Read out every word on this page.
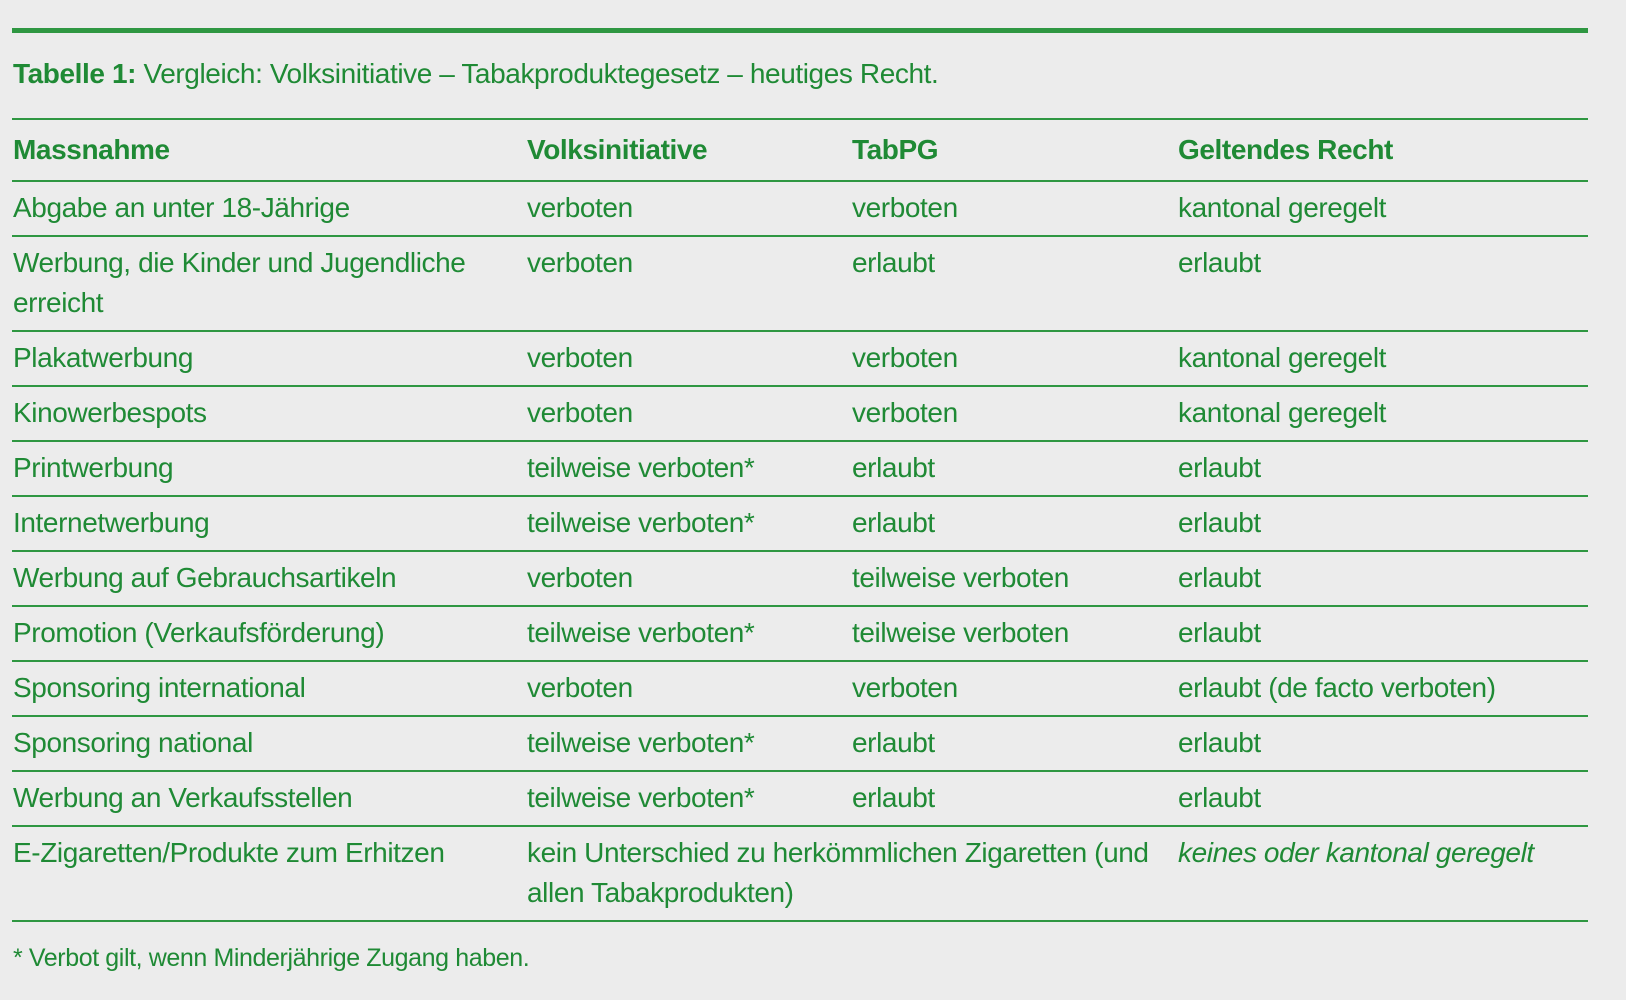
Tabelle 1: Vergleich: Volksinitiative – Tabakproduktegesetz – heutiges Recht.
Massnahme	Volksinitiative	TabPG	Geltendes Recht
Abgabe an unter 18-Jährige	verboten	verboten	kantonal geregelt
Werbung, die Kinder und Jugendliche erreicht	verboten	erlaubt	erlaubt
Plakatwerbung	verboten	verboten	kantonal geregelt
Kinowerbespots	verboten	verboten	kantonal geregelt
Printwerbung	teilweise verboten*	erlaubt	erlaubt
Internetwerbung	teilweise verboten*	erlaubt	erlaubt
Werbung auf Gebrauchsartikeln	verboten	teilweise verboten	erlaubt
Promotion (Verkaufsförderung)	teilweise verboten*	teilweise verboten	erlaubt
Sponsoring international	verboten	verboten	erlaubt (de facto verboten)
Sponsoring national	teilweise verboten*	erlaubt	erlaubt
Werbung an Verkaufsstellen	teilweise verboten*	erlaubt	erlaubt
E-Zigaretten/Produkte zum Erhitzen	kein Unterschied zu herkömmlichen Zigaretten (und allen Tabakprodukten)		keines oder kantonal geregelt
* Verbot gilt, wenn Minderjährige Zugang haben.
